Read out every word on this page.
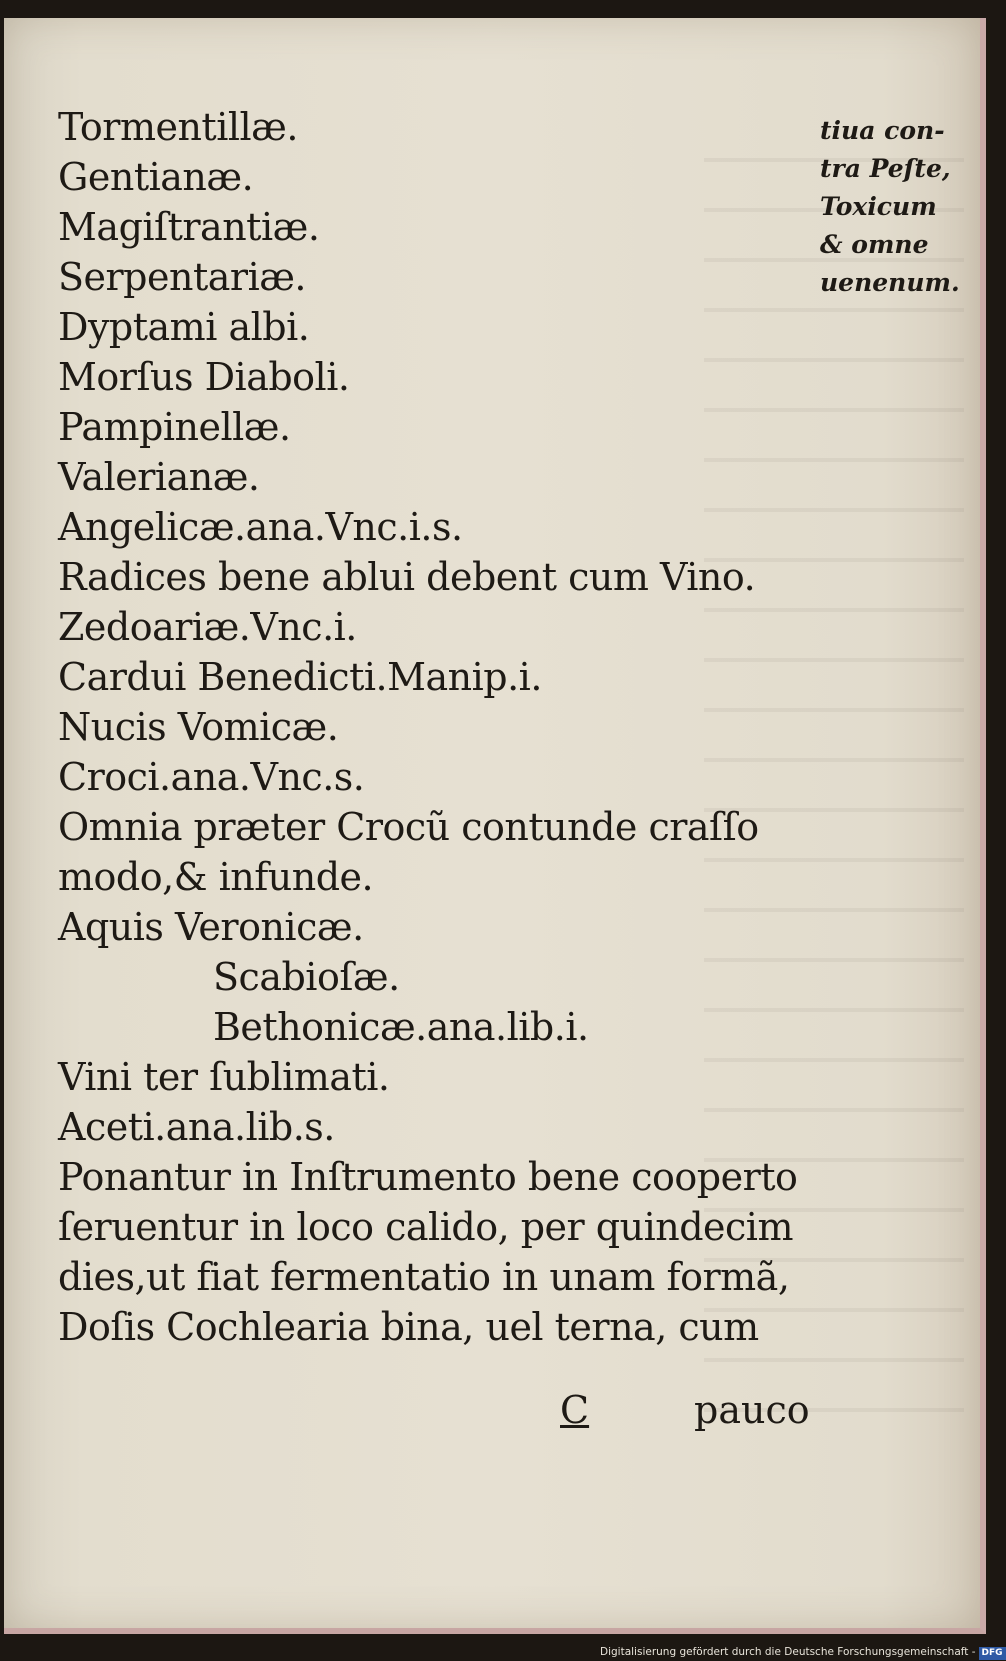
Tormentillæ.
Gentianæ.
Magiſtrantiæ.
Serpentariæ.
Dyptami albi.
Morſus Diaboli.
Pampinellæ.
Valerianæ.
Angelicæ.ana.Vnc.i.s.
Radices bene ablui debent cum Vino.
Zedoariæ.Vnc.i.
Cardui Benedicti.Manip.i.
Nucis Vomicæ.
Croci.ana.Vnc.s.
Omnia præter Crocũ contunde craſſo
modo,& infunde.
Aquis Veronicæ.
Scabioſæ.
Bethonicæ.ana.lib.i.
Vini ter ſublimati.
Aceti.ana.lib.s.
Ponantur in Inſtrumento bene cooperto
ſeruentur in loco calido, per quindecim
dies,ut fiat fermentatio in unam formã,
Doſis Cochlearia bina, uel terna, cum
tiua con-
tra Peſte,
Toxicum
& omne
uenenum.
C	pauco
Digitalisierung gefördert durch die Deutsche Forschungsgemeinschaft - DFG
